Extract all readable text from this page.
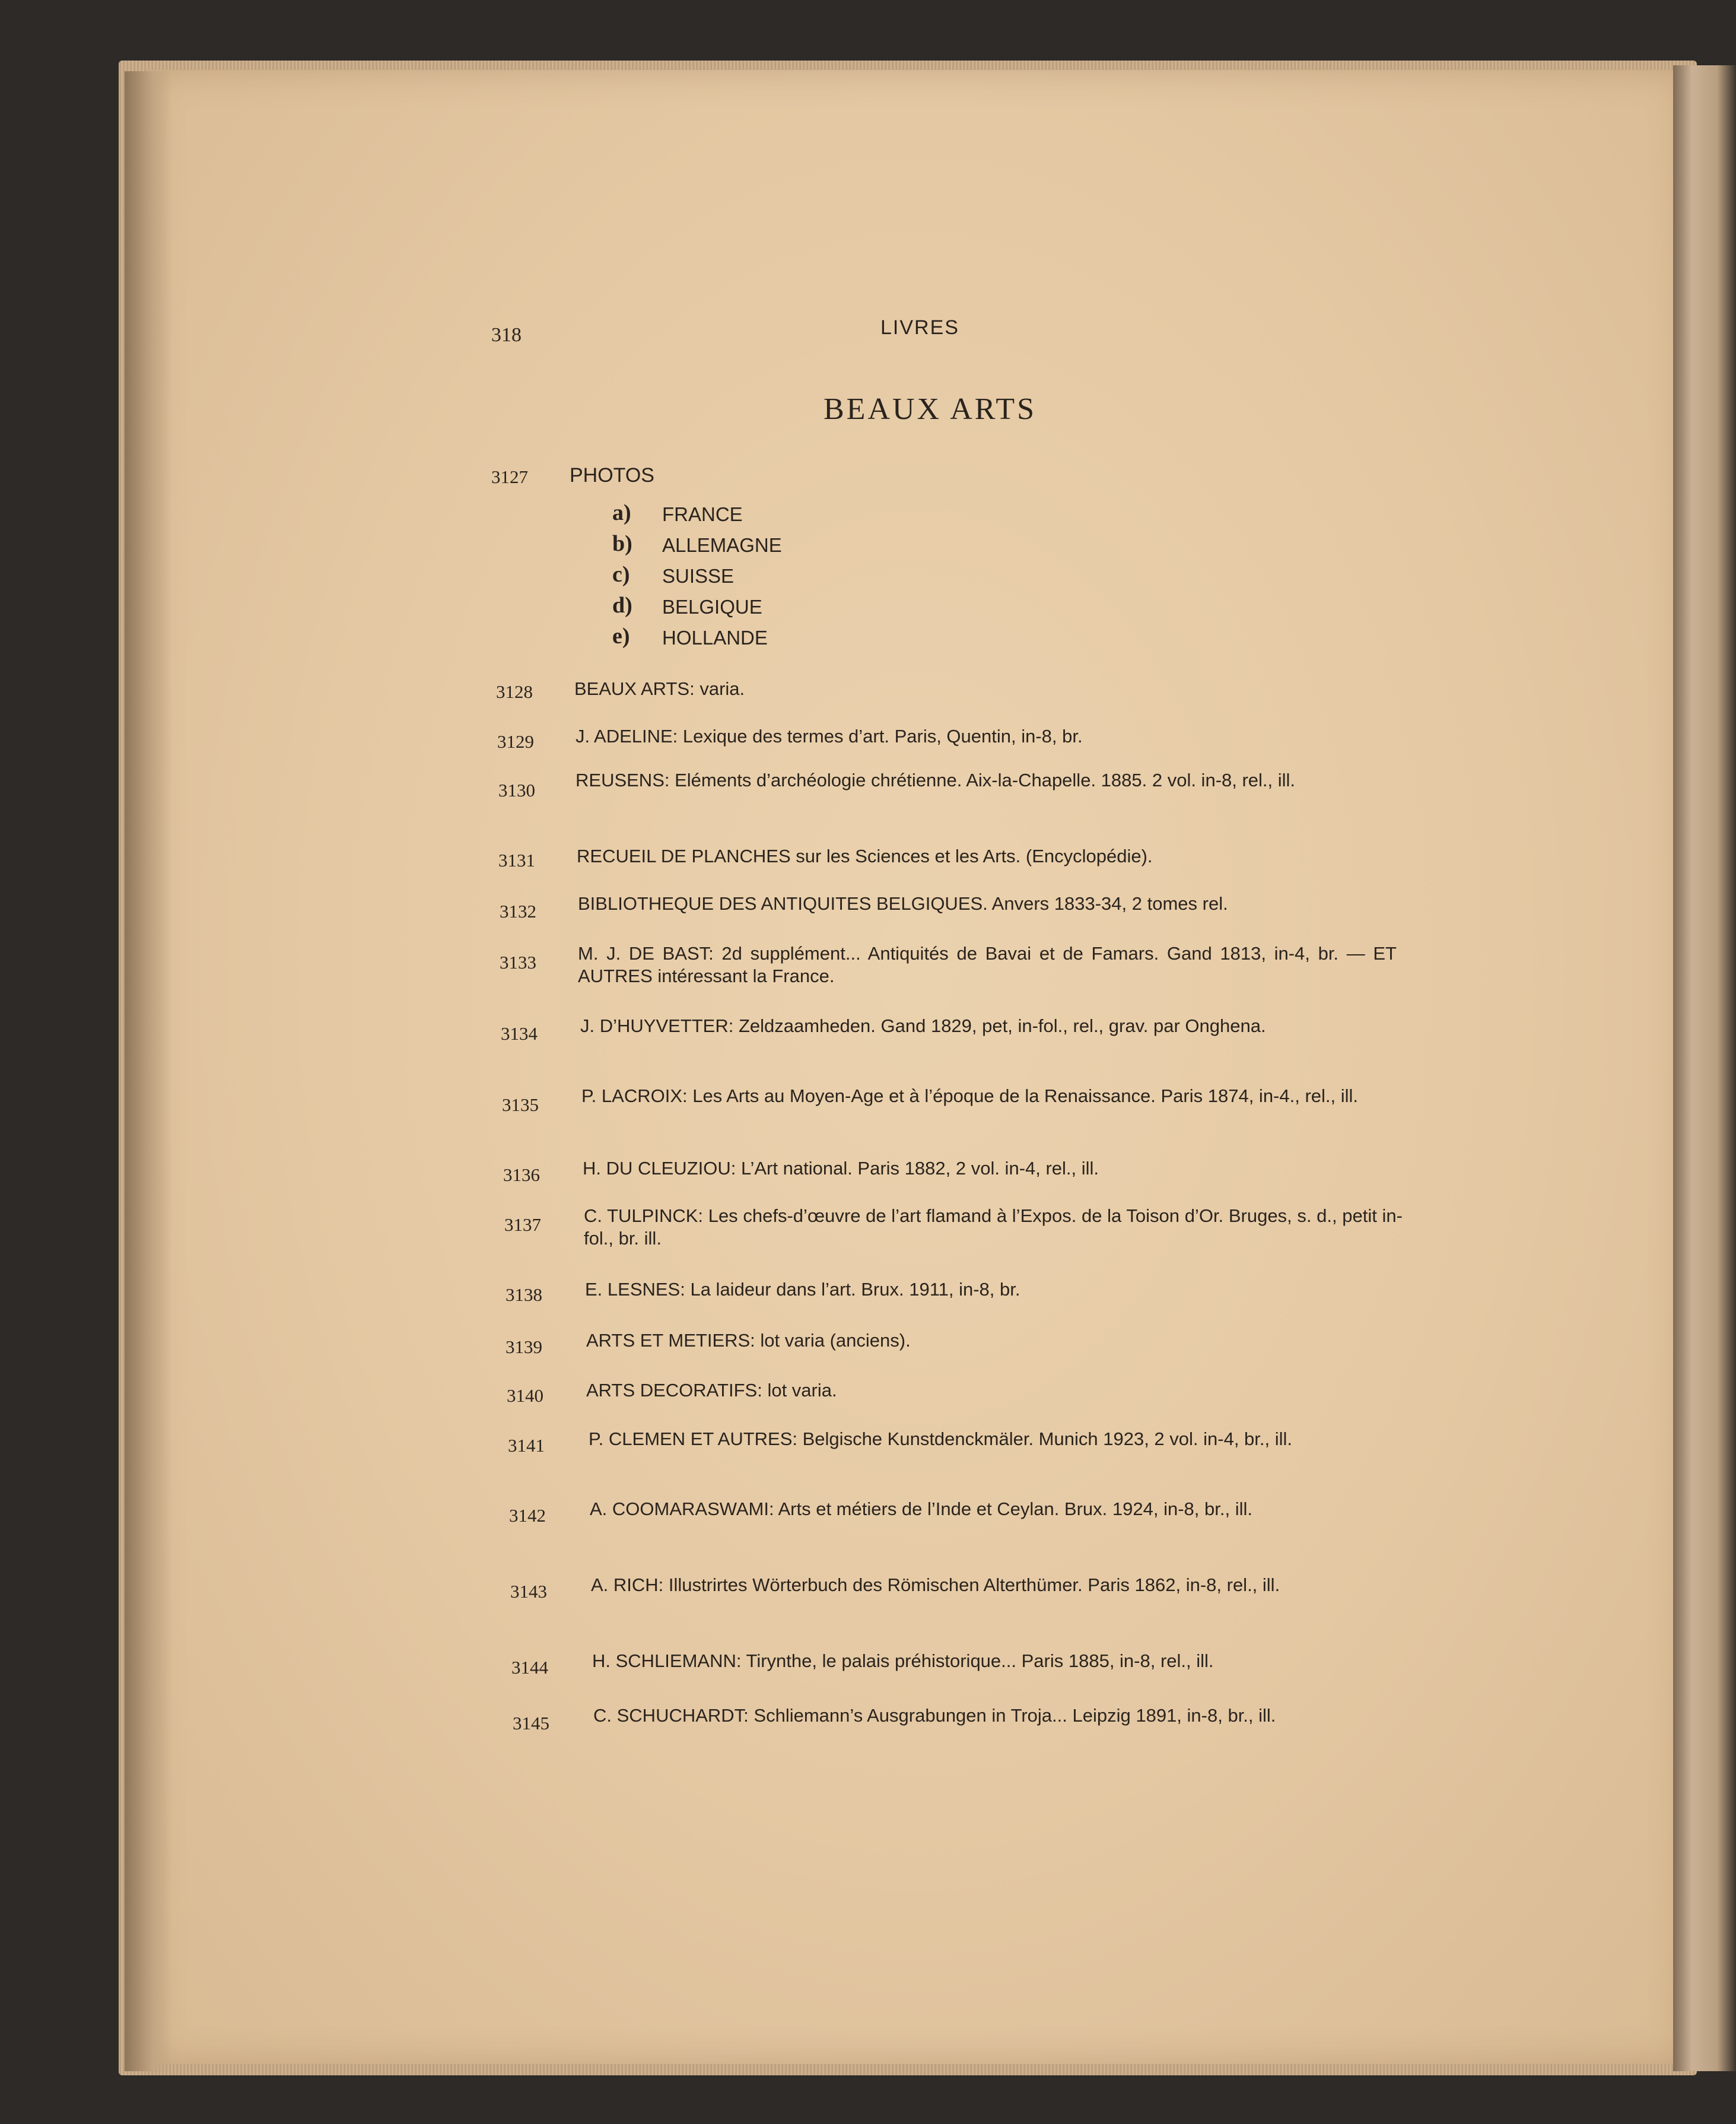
318	LIVRES
BEAUX ARTS
3127	PHOTOS
a) FRANCE
b) ALLEMAGNE
c) SUISSE
d) BELGIQUE
e) HOLLANDE
3128	BEAUX ARTS: varia.
3129	J. ADELINE: Lexique des termes d’art. Paris, Quentin, in-8, br.
3130	REUSENS: Eléments d’archéologie chrétienne. Aix-la-Chapelle. 1885. 2 vol. in-8, rel., ill.
3131	RECUEIL DE PLANCHES sur les Sciences et les Arts. (Encyclopédie).
3132	BIBLIOTHEQUE DES ANTIQUITES BELGIQUES. Anvers 1833-34, 2 tomes rel.
3133	M. J. DE BAST: 2d supplément... Antiquités de Bavai et de Famars. Gand 1813, in-4, br. — ET AUTRES intéressant la France.
3134	J. D’HUYVETTER: Zeldzaamheden. Gand 1829, pet, in-fol., rel., grav. par Onghena.
3135	P. LACROIX: Les Arts au Moyen-Age et à l’époque de la Renaissance. Paris 1874, in-4., rel., ill.
3136	H. DU CLEUZIOU: L’Art national. Paris 1882, 2 vol. in-4, rel., ill.
3137	C. TULPINCK: Les chefs-d’œuvre de l’art flamand à l’Expos. de la Toison d’Or. Bruges, s. d., petit in-fol., br. ill.
3138	E. LESNES: La laideur dans l’art. Brux. 1911, in-8, br.
3139	ARTS ET METIERS: lot varia (anciens).
3140	ARTS DECORATIFS: lot varia.
3141	P. CLEMEN ET AUTRES: Belgische Kunstdenckmäler. Munich 1923, 2 vol. in-4, br., ill.
3142	A. COOMARASWAMI: Arts et métiers de l’Inde et Ceylan. Brux. 1924, in-8, br., ill.
3143	A. RICH: Illustrirtes Wörterbuch des Römischen Alterthümer. Paris 1862, in-8, rel., ill.
3144	H. SCHLIEMANN: Tirynthe, le palais préhistorique... Paris 1885, in-8, rel., ill.
3145	C. SCHUCHARDT: Schliemann’s Ausgrabungen in Troja... Leipzig 1891, in-8, br., ill.
